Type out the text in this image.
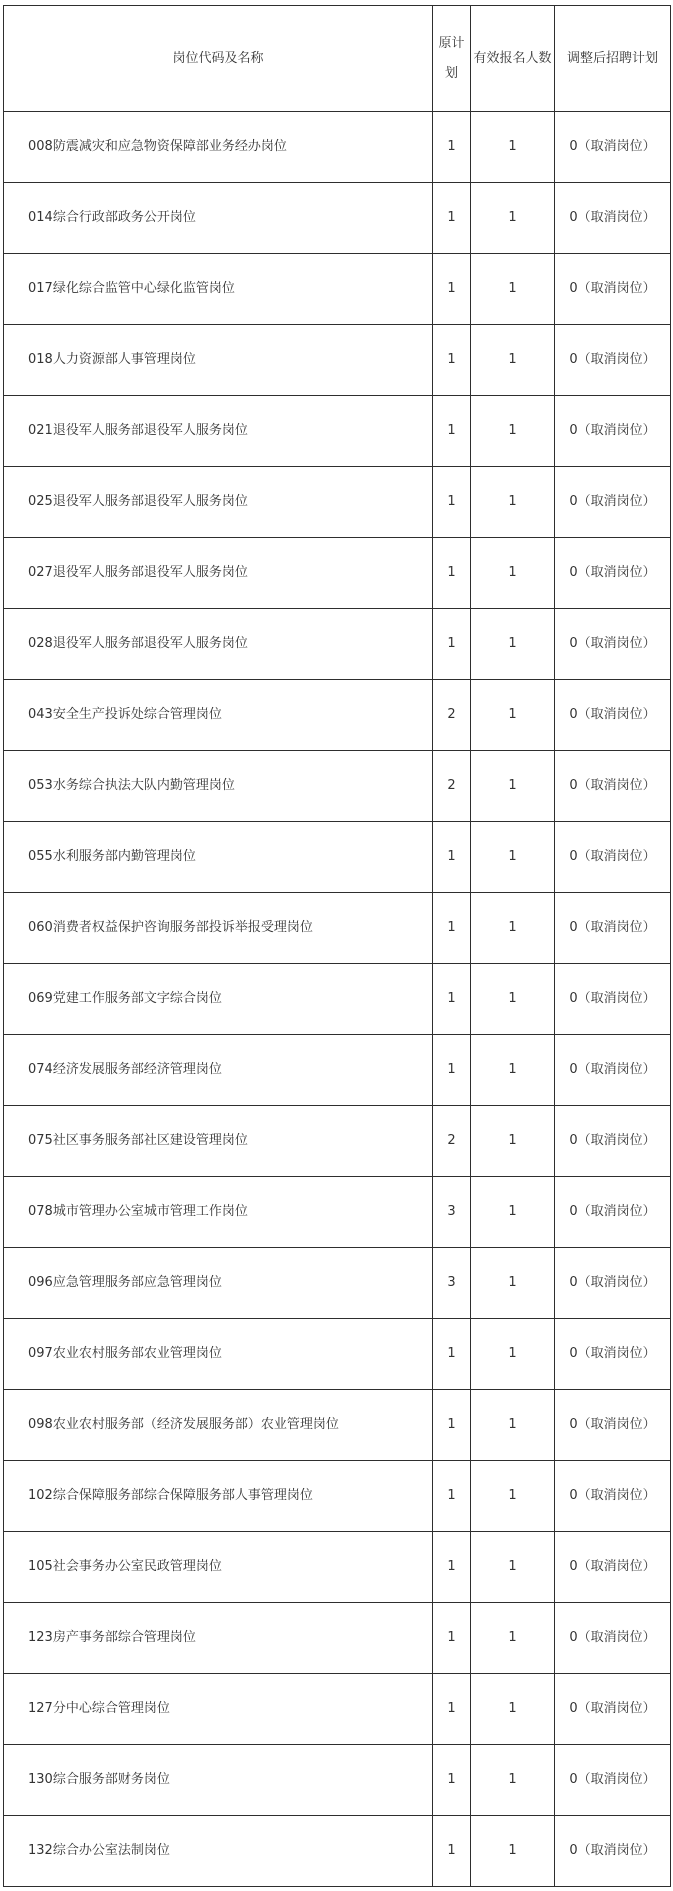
岗位代码及名称	原计划	有效报名人数	调整后招聘计划
008防震减灾和应急物资保障部业务经办岗位	1	1	0（取消岗位）
014综合行政部政务公开岗位	1	1	0（取消岗位）
017绿化综合监管中心绿化监管岗位	1	1	0（取消岗位）
018人力资源部人事管理岗位	1	1	0（取消岗位）
021退役军人服务部退役军人服务岗位	1	1	0（取消岗位）
025退役军人服务部退役军人服务岗位	1	1	0（取消岗位）
027退役军人服务部退役军人服务岗位	1	1	0（取消岗位）
028退役军人服务部退役军人服务岗位	1	1	0（取消岗位）
043安全生产投诉处综合管理岗位	2	1	0（取消岗位）
053水务综合执法大队内勤管理岗位	2	1	0（取消岗位）
055水利服务部内勤管理岗位	1	1	0（取消岗位）
060消费者权益保护咨询服务部投诉举报受理岗位	1	1	0（取消岗位）
069党建工作服务部文字综合岗位	1	1	0（取消岗位）
074经济发展服务部经济管理岗位	1	1	0（取消岗位）
075社区事务服务部社区建设管理岗位	2	1	0（取消岗位）
078城市管理办公室城市管理工作岗位	3	1	0（取消岗位）
096应急管理服务部应急管理岗位	3	1	0（取消岗位）
097农业农村服务部农业管理岗位	1	1	0（取消岗位）
098农业农村服务部（经济发展服务部）农业管理岗位	1	1	0（取消岗位）
102综合保障服务部综合保障服务部人事管理岗位	1	1	0（取消岗位）
105社会事务办公室民政管理岗位	1	1	0（取消岗位）
123房产事务部综合管理岗位	1	1	0（取消岗位）
127分中心综合管理岗位	1	1	0（取消岗位）
130综合服务部财务岗位	1	1	0（取消岗位）
132综合办公室法制岗位	1	1	0（取消岗位）
